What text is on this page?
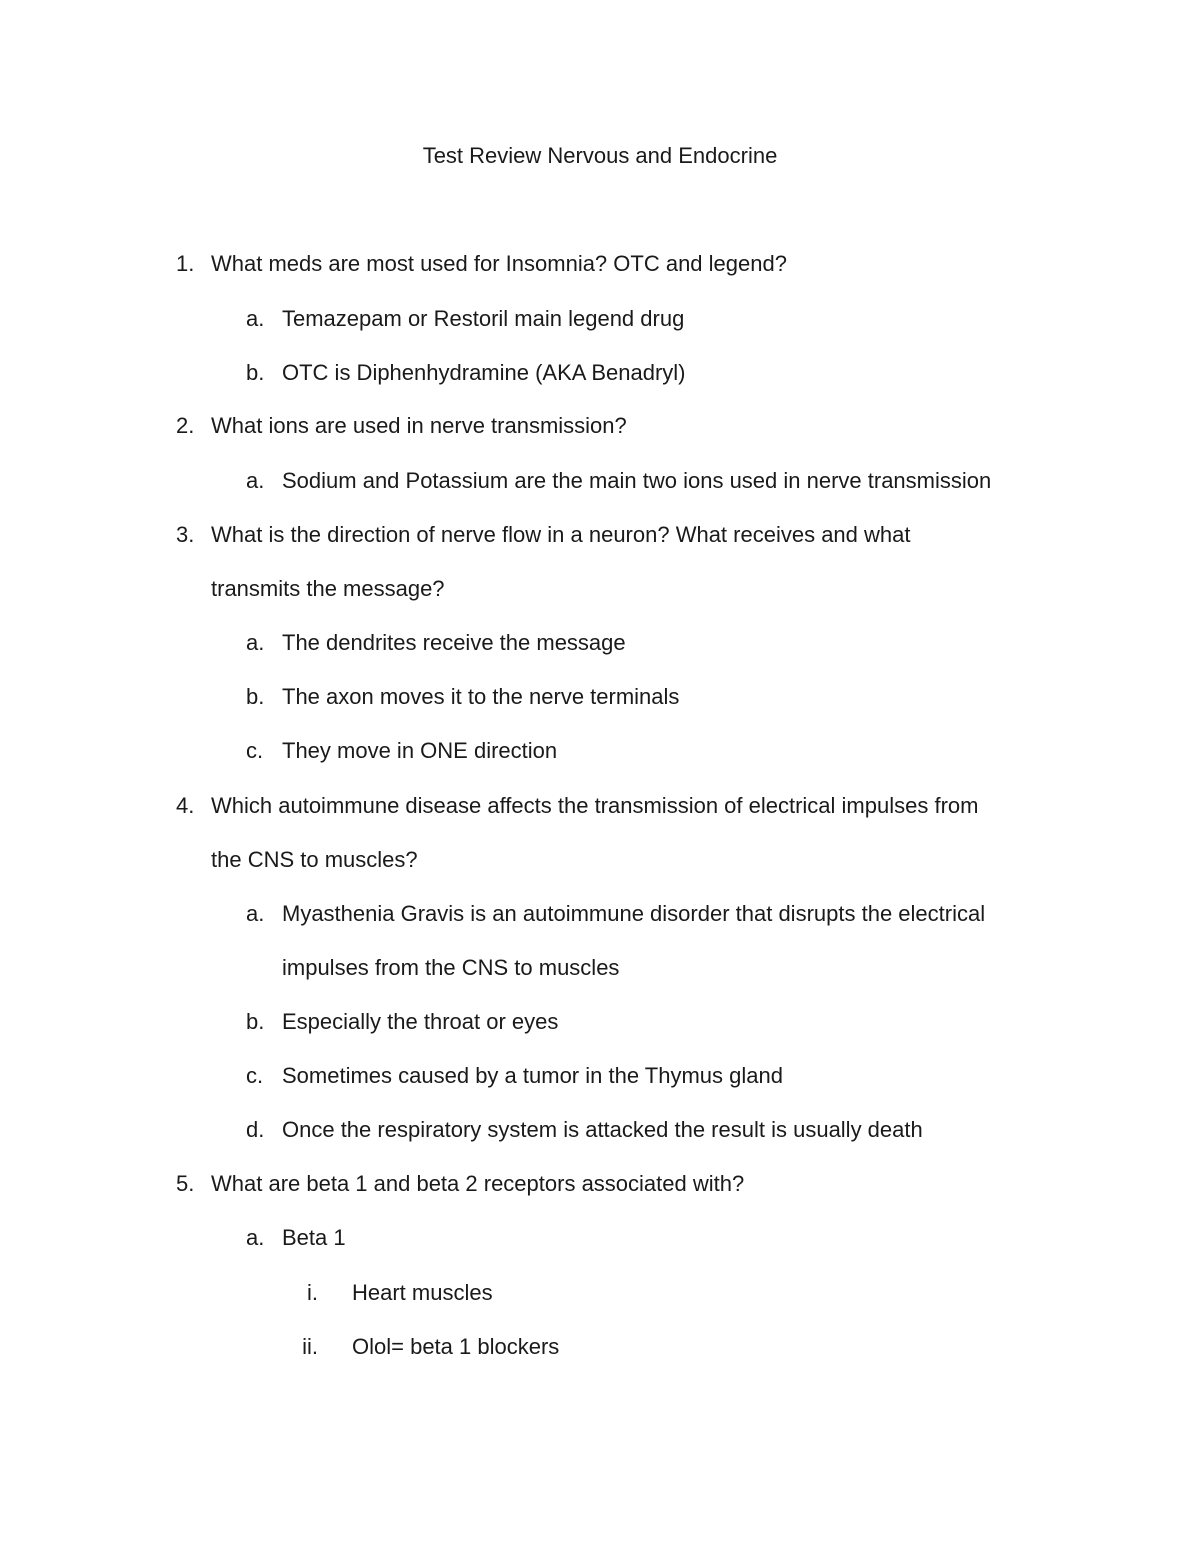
Test Review Nervous and Endocrine
1. What meds are most used for Insomnia? OTC and legend?
a. Temazepam or Restoril main legend drug
b. OTC is Diphenhydramine (AKA Benadryl)
2. What ions are used in nerve transmission?
a. Sodium and Potassium are the main two ions used in nerve transmission
3. What is the direction of nerve flow in a neuron? What receives and what
transmits the message?
a. The dendrites receive the message
b. The axon moves it to the nerve terminals
c. They move in ONE direction
4. Which autoimmune disease affects the transmission of electrical impulses from
the CNS to muscles?
a. Myasthenia Gravis is an autoimmune disorder that disrupts the electrical
impulses from the CNS to muscles
b. Especially the throat or eyes
c. Sometimes caused by a tumor in the Thymus gland
d. Once the respiratory system is attacked the result is usually death
5. What are beta 1 and beta 2 receptors associated with?
a. Beta 1
i. Heart muscles
ii. Olol= beta 1 blockers
